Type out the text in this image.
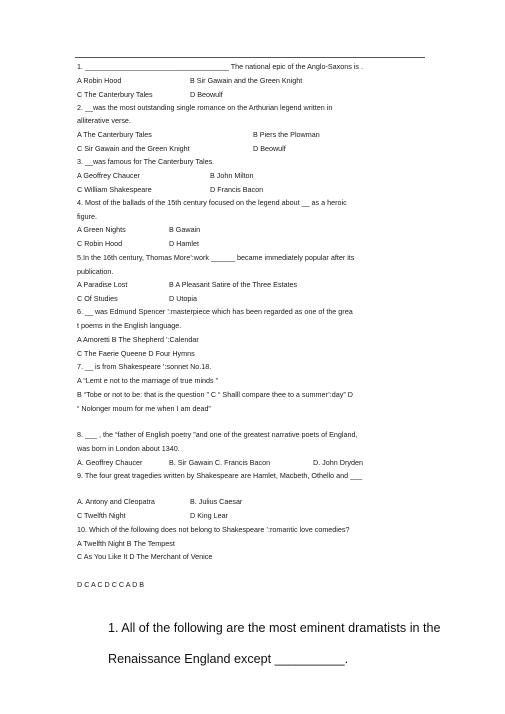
1. ____________________________________ The national epic of the Anglo-Saxons is .
A Robin Hood	B Sir Gawain and the Green Knight
C The Canterbury Tales	D Beowulf
2. __was the most outstanding single romance on the Arthurian legend written in
alliterative verse.
A The Canterbury Tales	B Piers the Plowman
C Sir Gawain and the Green Knight	D Beowulf
3. __was famous for The Canterbury Tales.
A Geoffrey Chaucer	B John Milton
C William Shakespeare	D Francis Bacon
4. Most of the ballads of the 15th century focused on the legend about __ as a heroic
figure.
A Green Nights	B Gawain
C Robin Hood	D Hamlet
5.In the 16th century, Thomas More’:work ______ became immediately popular after its
publication.
A Paradise Lost	B A Pleasant Satire of the Three Estates
C Of Studies	D Utopia
6. __ was Edmund Spencer ’:masterpiece which has been regarded as one of the grea
t poems in the English language.
A Amoretti B The Shepherd ’:Calendar
C The Faerie Queene D Four Hymns
7. __ is from Shakespeare ’:sonnet No.18.
A “Lemt e not to the marriage of true minds ”
B “Tobe or not to be: that is the question ” C “ Shalll compare thee to a summer’:day” D
“ Nolonger mourn for me when I am dead”
8. ___ , the “father of English poetry ”and one of the greatest narrative poets of England,
was born in London about 1340.
A. Geoffrey Chaucer	B. Sir Gawain C. Francis Bacon	D. John Dryden
9. The four great tragedies written by Shakespeare are Hamlet, Macbeth, Othello and ___
A. Antony and Cleopatra	B. Julius Caesar
C Twelfth Night	D King Lear
10. Which of the following does not belong to Shakespeare ’:romantic love comedies?
A Twelfth Night B The Tempest
C As You Like It D The Merchant of Venice
D C A C D C C A D B
1. All of the following are the most eminent dramatists in the
Renaissance England except __________.
